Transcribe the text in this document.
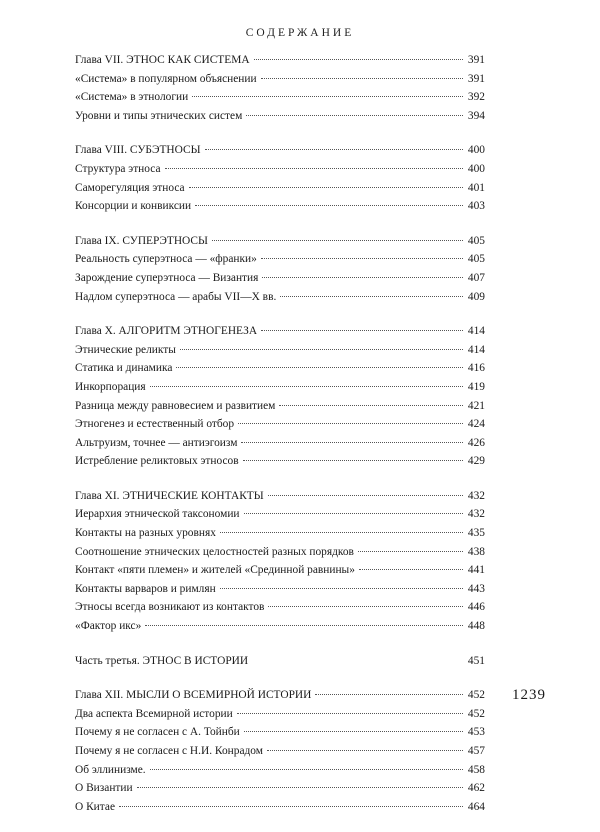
СОДЕРЖАНИЕ
Глава VII. ЭТНОС КАК СИСТЕМА	391
«Система» в популярном объяснении	391
«Система» в этнологии	392
Уровни и типы этнических систем	394
Глава VIII. СУБЭТНОСЫ	400
Структура этноса	400
Саморегуляция этноса	401
Консорции и конвиксии	403
Глава IX. СУПЕРЭТНОСЫ	405
Реальность суперэтноса — «франки»	405
Зарождение суперэтноса — Византия	407
Надлом суперэтноса — арабы VII—X вв.	409
Глава X. АЛГОРИТМ ЭТНОГЕНЕЗА	414
Этнические реликты	414
Статика и динамика	416
Инкорпорация	419
Разница между равновесием и развитием	421
Этногенез и естественный отбор	424
Альтруизм, точнее — антиэгоизм	426
Истребление реликтовых этносов	429
Глава XI. ЭТНИЧЕСКИЕ КОНТАКТЫ	432
Иерархия этнической таксономии	432
Контакты на разных уровнях	435
Соотношение этнических целостностей разных порядков	438
Контакт «пяти племен» и жителей «Срединной равнины»	441
Контакты варваров и римлян	443
Этносы всегда возникают из контактов	446
«Фактор икс»	448
Часть третья. ЭТНОС В ИСТОРИИ	451
Глава XII. МЫСЛИ О ВСЕМИРНОЙ ИСТОРИИ	452
Два аспекта Всемирной истории	452
Почему я не согласен с А. Тойнби	453
Почему я не согласен с Н.И. Конрадом	457
Об эллинизме.	458
О Византии	462
О Китае	464
1239
